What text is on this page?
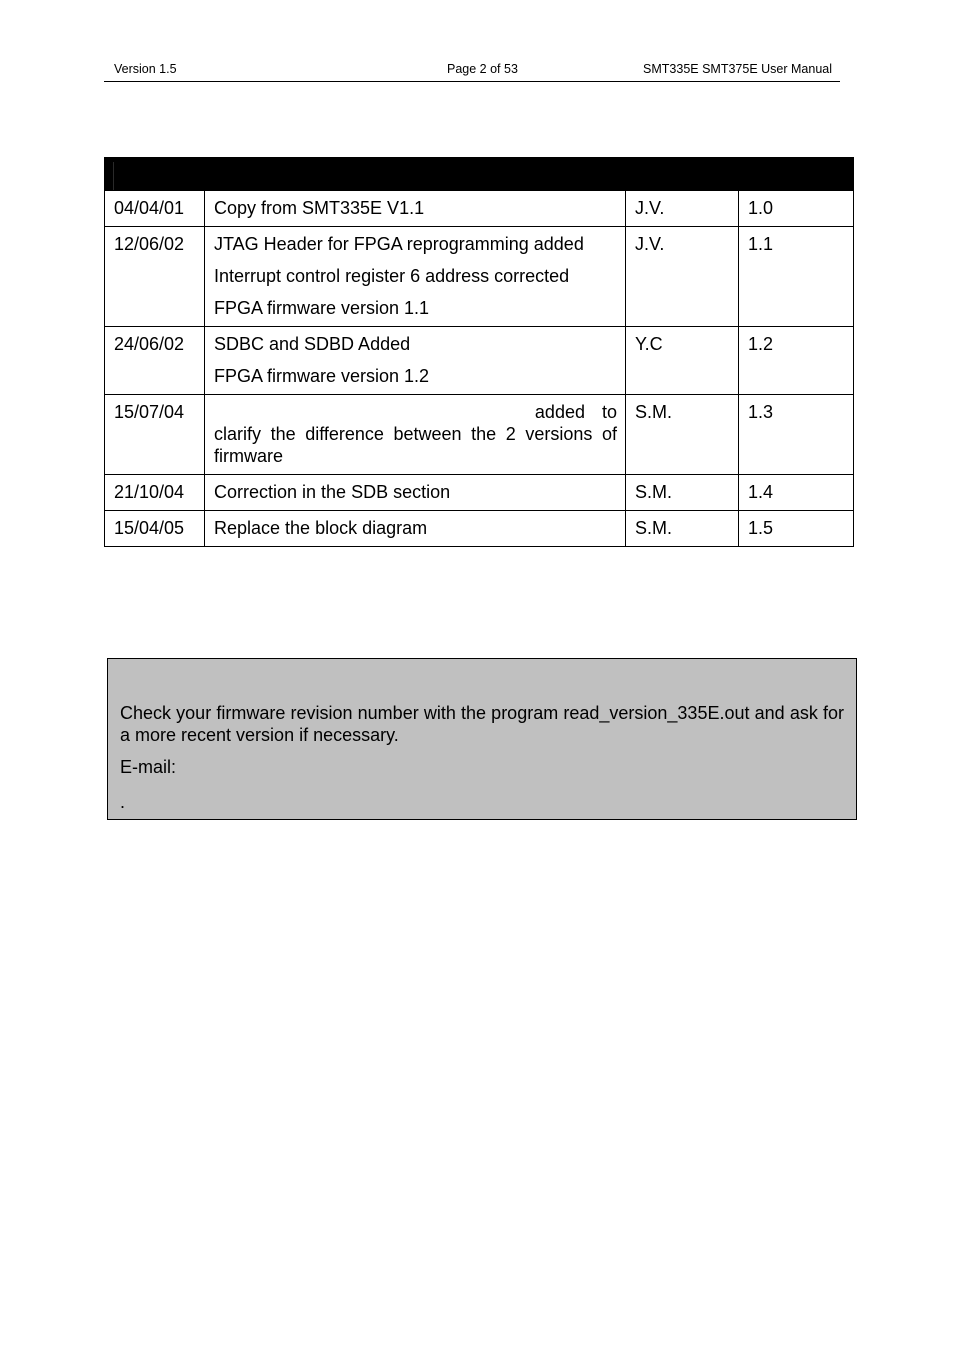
Version 1.5	Page 2 of 53	SMT335E SMT375E User Manual

04/04/01	Copy from SMT335E V1.1	J.V.	1.0
12/06/02	JTAG Header for FPGA reprogramming added

Interrupt control register 6 address corrected

FPGA firmware version 1.1	J.V.	1.1
24/06/02	SDBC and SDBD Added

FPGA firmware version 1.2	Y.C	1.2
15/07/04	added to
clarify the difference between the 2 versions of firmware	S.M.	1.3
21/10/04	Correction in the SDB section	S.M.	1.4
15/04/05	Replace the block diagram	S.M.	1.5

Check your firmware revision number with the program read_version_335E.out and ask for a more recent version if necessary.

E-mail:

.
